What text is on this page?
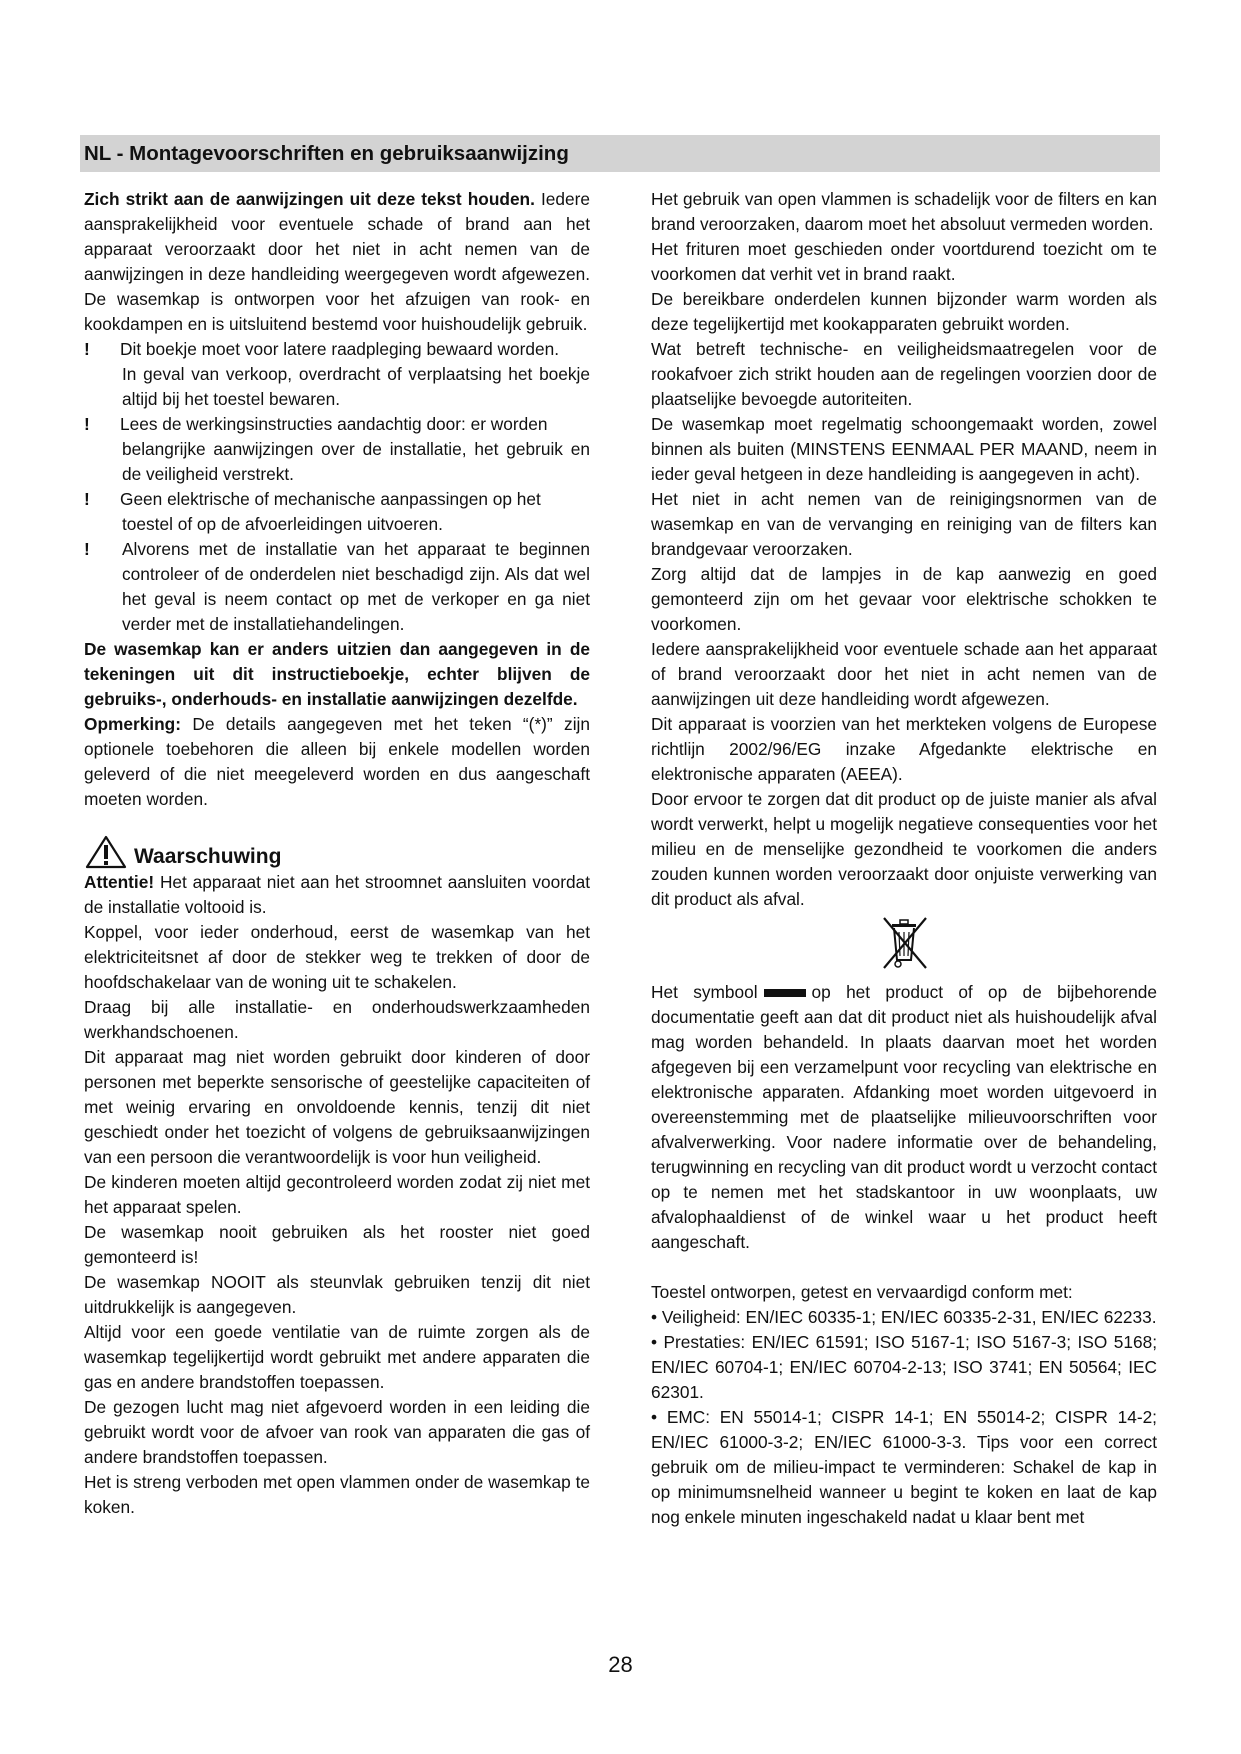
NL - Montagevoorschriften en gebruiksaanwijzing

Zich strikt aan de aanwijzingen uit deze tekst houden. Iedere aansprakelijkheid voor eventuele schade of brand aan het apparaat veroorzaakt door het niet in acht nemen van de aanwijzingen in deze handleiding weergegeven wordt afgewezen. De wasemkap is ontworpen voor het afzuigen van rook- en kookdampen en is uitsluitend bestemd voor huishoudelijk gebruik.

!	Dit boekje moet voor latere raadpleging bewaard worden.

In geval van verkoop, overdracht of verplaatsing het boekje altijd bij het toestel bewaren.

!	Lees de werkingsinstructies aandachtig door: er worden

belangrijke aanwijzingen over de installatie, het gebruik en de veiligheid verstrekt.

!	Geen elektrische of mechanische aanpassingen op het

toestel of op de afvoerleidingen uitvoeren.

!	Alvorens met de installatie van het apparaat te beginnen controleer of de onderdelen niet beschadigd zijn. Als dat wel het geval is neem contact op met de verkoper en ga niet verder met de installatiehandelingen.

De wasemkap kan er anders uitzien dan aangegeven in de tekeningen uit dit instructieboekje, echter blijven de gebruiks-, onderhouds- en installatie aanwijzingen dezelfde.

Opmerking: De details aangegeven met het teken “(*)” zijn optionele toebehoren die alleen bij enkele modellen worden geleverd of die niet meegeleverd worden en dus aangeschaft moeten worden.

Waarschuwing

Attentie! Het apparaat niet aan het stroomnet aansluiten voordat de installatie voltooid is.

Koppel, voor ieder onderhoud, eerst de wasemkap van het elektriciteitsnet af door de stekker weg te trekken of door de hoofdschakelaar van de woning uit te schakelen.

Draag bij alle installatie- en onderhoudswerkzaamheden werkhandschoenen.

Dit apparaat mag niet worden gebruikt door kinderen of door personen met beperkte sensorische of geestelijke capaciteiten of met weinig ervaring en onvoldoende kennis, tenzij dit niet geschiedt onder het toezicht of volgens de gebruiksaanwijzingen van een persoon die verantwoordelijk is voor hun veiligheid.

De kinderen moeten altijd gecontroleerd worden zodat zij niet met het apparaat spelen.

De wasemkap nooit gebruiken als het rooster niet goed gemonteerd is!

De wasemkap NOOIT als steunvlak gebruiken tenzij dit niet uitdrukkelijk is aangegeven.

Altijd voor een goede ventilatie van de ruimte zorgen als de wasemkap tegelijkertijd wordt gebruikt met andere apparaten die gas en andere brandstoffen toepassen.

De gezogen lucht mag niet afgevoerd worden in een leiding die gebruikt wordt voor de afvoer van rook van apparaten die gas of andere brandstoffen toepassen.

Het is streng verboden met open vlammen onder de wasemkap te koken.

Het gebruik van open vlammen is schadelijk voor de filters en kan brand veroorzaken, daarom moet het absoluut vermeden worden.

Het frituren moet geschieden onder voortdurend toezicht om te voorkomen dat verhit vet in brand raakt.

De bereikbare onderdelen kunnen bijzonder warm worden als deze tegelijkertijd met kookapparaten gebruikt worden.

Wat betreft technische- en veiligheidsmaatregelen voor de rookafvoer zich strikt houden aan de regelingen voorzien door de plaatselijke bevoegde autoriteiten.

De wasemkap moet regelmatig schoongemaakt worden, zowel binnen als buiten (MINSTENS EENMAAL PER MAAND, neem in ieder geval hetgeen in deze handleiding is aangegeven in acht).

Het niet in acht nemen van de reinigingsnormen van de wasemkap en van de vervanging en reiniging van de filters kan brandgevaar veroorzaken.

Zorg altijd dat de lampjes in de kap aanwezig en goed gemonteerd zijn om het gevaar voor elektrische schokken te voorkomen.

Iedere aansprakelijkheid voor eventuele schade aan het apparaat of brand veroorzaakt door het niet in acht nemen van de aanwijzingen uit deze handleiding wordt afgewezen.

Dit apparaat is voorzien van het merkteken volgens de Europese richtlijn 2002/96/EG inzake Afgedankte elektrische en elektronische apparaten (AEEA).

Door ervoor te zorgen dat dit product op de juiste manier als afval wordt verwerkt, helpt u mogelijk negatieve consequenties voor het milieu en de menselijke gezondheid te voorkomen die anders zouden kunnen worden veroorzaakt door onjuiste verwerking van dit product als afval.

Het symbool	op het product of op de bijbehorende documentatie geeft aan dat dit product niet als huishoudelijk afval mag worden behandeld. In plaats daarvan moet het worden afgegeven bij een verzamelpunt voor recycling van elektrische en elektronische apparaten. Afdanking moet worden uitgevoerd in overeenstemming met de plaatselijke milieuvoorschriften voor afvalverwerking. Voor nadere informatie over de behandeling, terugwinning en recycling van dit product wordt u verzocht contact op te nemen met het stadskantoor in uw woonplaats, uw afvalophaaldienst of de winkel waar u het product heeft aangeschaft.

Toestel ontworpen, getest en vervaardigd conform met:

• Veiligheid: EN/IEC 60335-1; EN/IEC 60335-2-31, EN/IEC 62233.

• Prestaties: EN/IEC 61591; ISO 5167-1; ISO 5167-3; ISO 5168; EN/IEC 60704-1; EN/IEC 60704-2-13; ISO 3741; EN 50564; IEC 62301.

• EMC: EN 55014-1; CISPR 14-1; EN 55014-2; CISPR 14-2; EN/IEC 61000-3-2; EN/IEC 61000-3-3. Tips voor een correct gebruik om de milieu-impact te verminderen: Schakel de kap in op minimumsnelheid wanneer u begint te koken en laat de kap nog enkele minuten ingeschakeld nadat u klaar bent met

28
